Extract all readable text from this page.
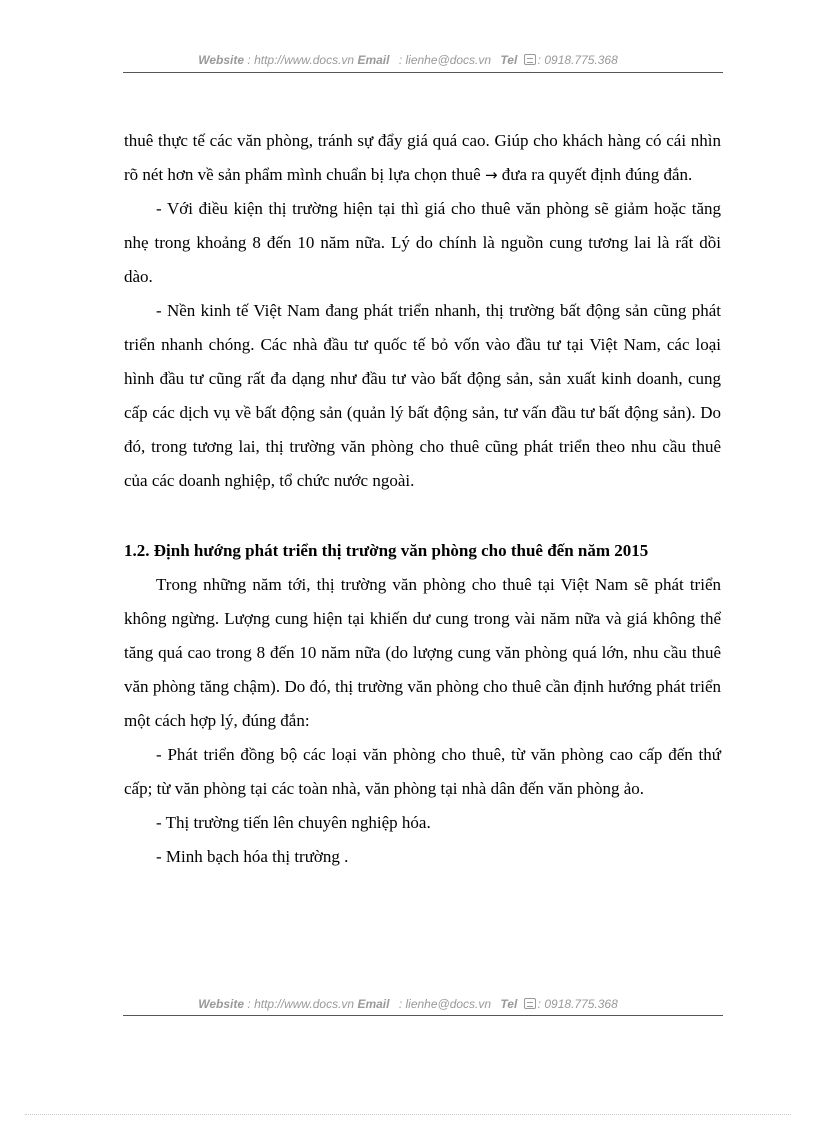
Website : http://www.docs.vn Email : lienhe@docs.vn Tel : 0918.775.368

thuê thực tế các văn phòng, tránh sự đẩy giá quá cao. Giúp cho khách hàng có cái nhìn rõ nét hơn về sản phẩm mình chuẩn bị lựa chọn thuê → đưa ra quyết định đúng đắn.

- Với điều kiện thị trường hiện tại thì giá cho thuê văn phòng sẽ giảm hoặc tăng nhẹ trong khoảng 8 đến 10 năm nữa. Lý do chính là nguồn cung tương lai là rất dồi dào.

- Nền kinh tế Việt Nam đang phát triển nhanh, thị trường bất động sản cũng phát triển nhanh chóng. Các nhà đầu tư quốc tế bỏ vốn vào đầu tư tại Việt Nam, các loại hình đầu tư cũng rất đa dạng như đầu tư vào bất động sản, sản xuất kinh doanh, cung cấp các dịch vụ về bất động sản (quản lý bất động sản, tư vấn đầu tư bất động sản). Do đó, trong tương lai, thị trường văn phòng cho thuê cũng phát triển theo nhu cầu thuê của các doanh nghiệp, tổ chức nước ngoài.

1.2. Định hướng phát triển thị trường văn phòng cho thuê đến năm 2015

Trong những năm tới, thị trường văn phòng cho thuê tại Việt Nam sẽ phát triển không ngừng. Lượng cung hiện tại khiến dư cung trong vài năm nữa và giá không thể tăng quá cao trong 8 đến 10 năm nữa (do lượng cung văn phòng quá lớn, nhu cầu thuê văn phòng tăng chậm). Do đó, thị trường văn phòng cho thuê cần định hướng phát triển một cách hợp lý, đúng đắn:

- Phát triển đồng bộ các loại văn phòng cho thuê, từ văn phòng cao cấp đến thứ cấp; từ văn phòng tại các toàn nhà, văn phòng tại nhà dân đến văn phòng ảo.

- Thị trường tiến lên chuyên nghiệp hóa.

- Minh bạch hóa thị trường .

Website : http://www.docs.vn Email : lienhe@docs.vn Tel : 0918.775.368
